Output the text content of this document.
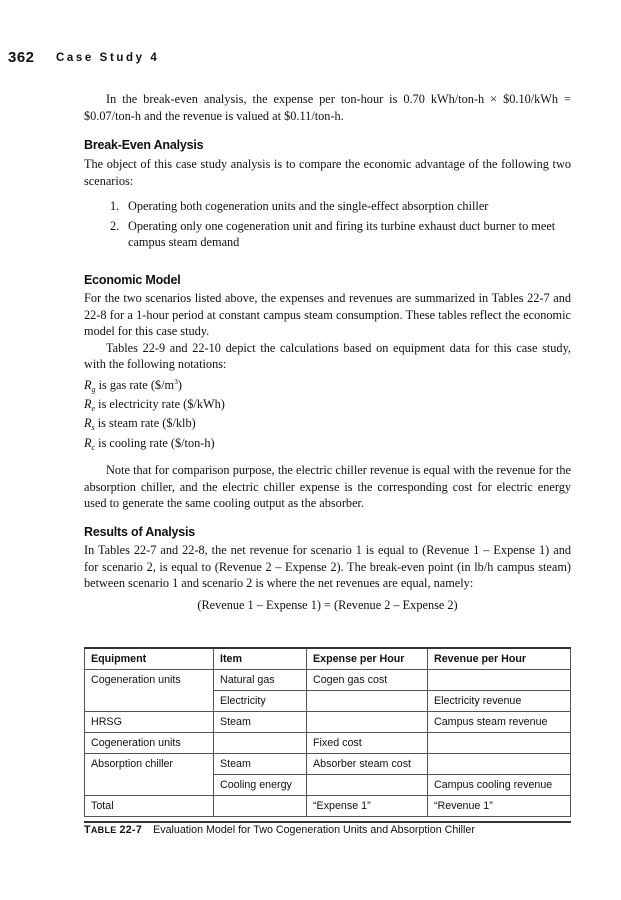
362 Case Study 4

In the break-even analysis, the expense per ton-hour is 0.70 kWh/ton-h × $0.10/kWh = $0.07/ton-h and the revenue is valued at $0.11/ton-h.

Break-Even Analysis

The object of this case study analysis is to compare the economic advantage of the following two scenarios:

1. Operating both cogeneration units and the single-effect absorption chiller
2. Operating only one cogeneration unit and firing its turbine exhaust duct burner to meet campus steam demand
Economic Model

For the two scenarios listed above, the expenses and revenues are summarized in Tables 22-7 and 22-8 for a 1-hour period at constant campus steam consumption. These tables reflect the economic model for this case study.

Tables 22-9 and 22-10 depict the calculations based on equipment data for this case study, with the following notations:

$R_g$ is gas rate $(\$/m^3)$
$R_e$ is electricity rate ($/kWh)
$R_s$ is steam rate ($/klb)
$R_c$ is cooling rate ($/ton-h)

Note that for comparison purpose, the electric chiller revenue is equal with the revenue for the absorption chiller, and the electric chiller expense is the corresponding cost for electric energy used to generate the same cooling output as the absorber.

Results of Analysis

In Tables 22-7 and 22-8, the net revenue for scenario 1 is equal to (Revenue 1 – Expense 1) and for scenario 2, is equal to (Revenue 2 – Expense 2). The break-even point (in lb/h campus steam) between scenario 1 and scenario 2 is where the net revenues are equal, namely:

(Revenue 1 – Expense 1) = (Revenue 2 – Expense 2)
Equipment	Item	Expense per Hour	Revenue per Hour
Cogeneration units	Natural gas	Cogen gas cost	
	Electricity		Electricity revenue
HRSG	Steam		Campus steam revenue
Cogeneration units		Fixed cost	
Absorption chiller	Steam	Absorber steam cost	
	Cooling energy		Campus cooling revenue
Total		“Expense 1”	“Revenue 1”
TABLE 22-7 Evaluation Model for Two Cogeneration Units and Absorption Chiller
